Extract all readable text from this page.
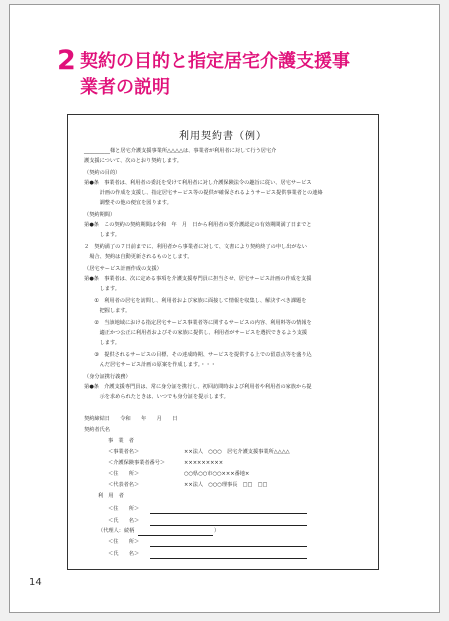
2 契約の目的と指定居宅介護支援事
業者の説明
利用契約書（例）
__________様と居宅介護支援事業所△△△△は、事業者が利用者に対して行う居宅介
護支援について、次のとおり契約します。
（契約の目的）
第●条　事業者は、利用者の委託を受けて利用者に対し介護保険法令の趣旨に従い、居宅サービス
　　　計画の作成を支援し、指定居宅サービス等の提供が確保されるようサービス提供事業者との連絡
　　　調整その他の便宜を図ります。
（契約期間）
第●条　この契約の契約期間は令和　年　月　日から利用者の要介護認定の有効期間満了日までと
　　　します。
２　契約満了の７日前までに、利用者から事業者に対して、文書により契約終了の申し出がない
　場合、契約は自動更新されるものとします。
（居宅サービス計画作成の支援）
第●条　事業者は、次に定める事項を介護支援専門員に担当させ、居宅サービス計画の作成を支援
　　　します。
　　①　利用者の居宅を訪問し、利用者および家族に面接して情報を収集し、解決すべき課題を
　　　把握します。
　　②　当該地域における指定居宅サービス事業者等に関するサービスの内容、利用料等の情報を
　　　適正かつ公正に利用者およびその家族に提供し、利用者がサービスを選択できるよう支援
　　　します。
　　③　提供されるサービスの目標、その達成時期、サービスを提供する上での留意点等を盛り込
　　　んだ居宅サービス計画の原案を作成します。・・・
（身分証携行義務）
第●条　介護支援専門員は、常に身分証を携行し、初回訪問時および利用者や利用者の家族から提
　　　示を求められたときは、いつでも身分証を提示します。
契約締結日　　令和　　年　　月　　日
契約者氏名
事　業　者
＜事業者名＞	××法人　○○○　居宅介護支援事業所△△△△
＜介護保険事業者番号＞	×××××××××
＜住　　所＞	○○県○○市○○×××番地×
＜代表者名＞	××法人　○○○理事長　□□　□□
利　用　者
＜住　　所＞
＜氏　　名＞
（代理人：続柄	）
＜住　　所＞
＜氏　　名＞
14
